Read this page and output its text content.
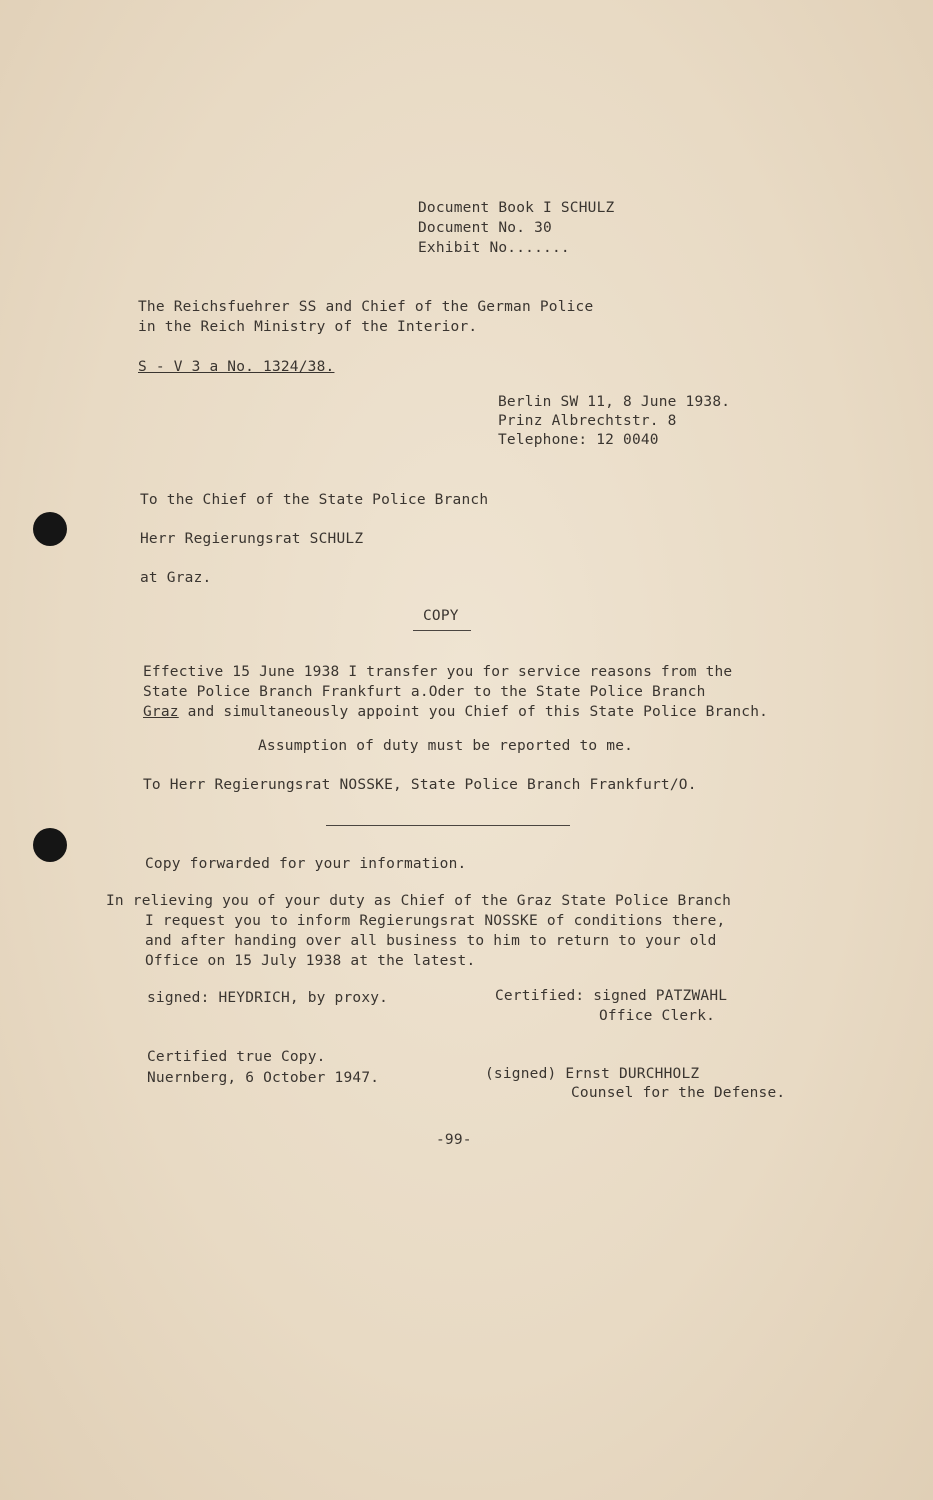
Document Book I SCHULZ
Document No. 30
Exhibit No.......
The Reichsfuehrer SS and Chief of the German Police
in the Reich Ministry of the Interior.
S - V 3 a No. 1324/38.
Berlin SW 11, 8 June 1938.
Prinz Albrechtstr. 8
Telephone: 12 0040
To the Chief of the State Police Branch
Herr Regierungsrat SCHULZ
at Graz.
COPY
Effective 15 June 1938 I transfer you for service reasons from the
State Police Branch Frankfurt a.Oder to the State Police Branch
Graz and simultaneously appoint you Chief of this State Police Branch.
Assumption of duty must be reported to me.
To Herr Regierungsrat NOSSKE, State Police Branch Frankfurt/O.
Copy forwarded for your information.
In relieving you of your duty as Chief of the Graz State Police Branch
I request you to inform Regierungsrat NOSSKE of conditions there,
and after handing over all business to him to return to your old
Office on 15 July 1938 at the latest.
signed: HEYDRICH, by proxy.	Certified: signed PATZWAHL
Office Clerk.
Certified true Copy.
Nuernberg, 6 October 1947.	(signed) Ernst DURCHHOLZ
Counsel for the Defense.
-99-
